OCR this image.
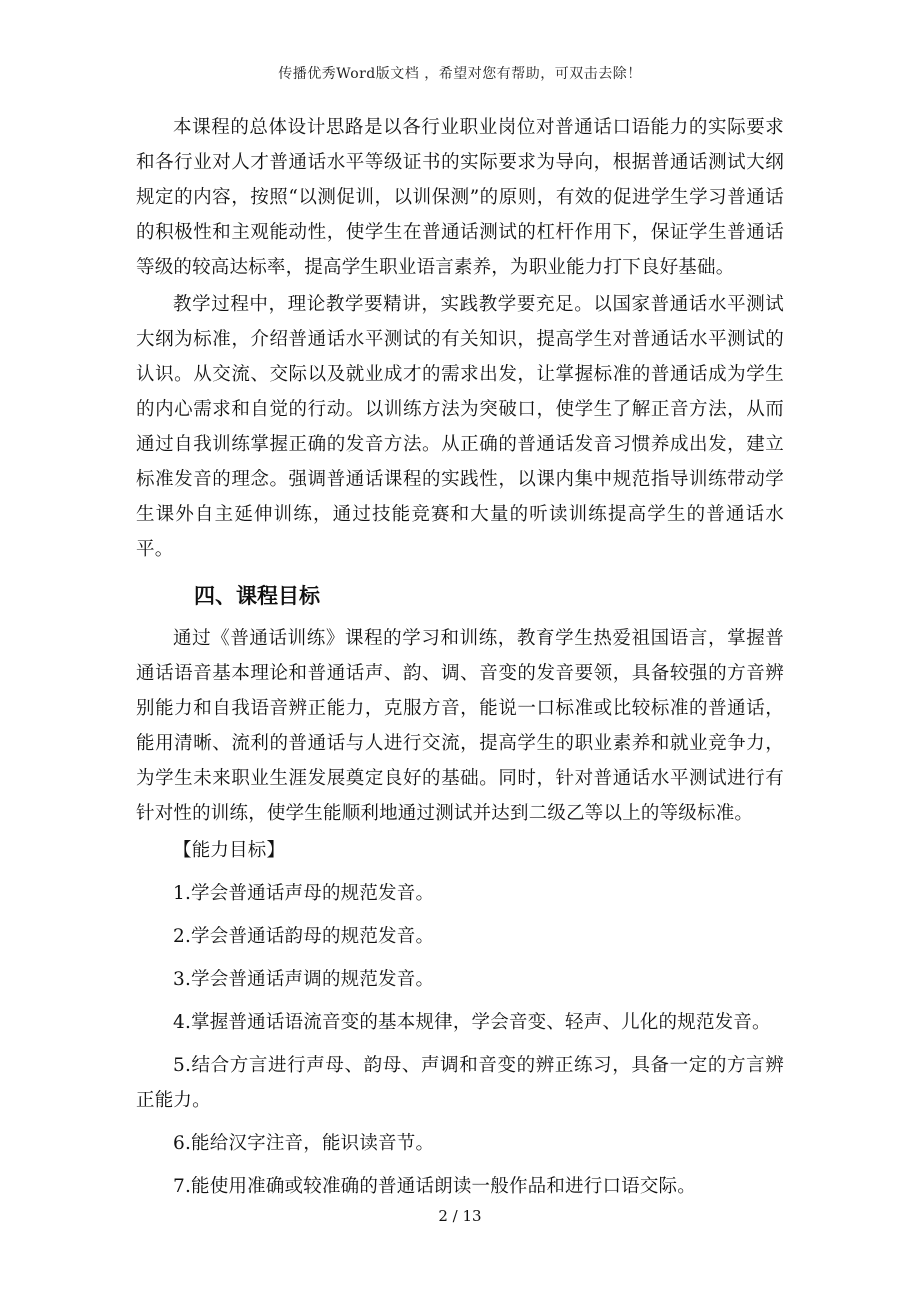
传播优秀Word版文档 ，希望对您有帮助，可双击去除！

本课程的总体设计思路是以各行业职业岗位对普通话口语能力的实际要求和各行业对人才普通话水平等级证书的实际要求为导向，根据普通话测试大纲规定的内容，按照“以测促训，以训保测”的原则，有效的促进学生学习普通话的积极性和主观能动性，使学生在普通话测试的杠杆作用下，保证学生普通话等级的较高达标率，提高学生职业语言素养，为职业能力打下良好基础。

教学过程中，理论教学要精讲，实践教学要充足。以国家普通话水平测试大纲为标准，介绍普通话水平测试的有关知识，提高学生对普通话水平测试的认识。从交流、交际以及就业成才的需求出发，让掌握标准的普通话成为学生的内心需求和自觉的行动。以训练方法为突破口，使学生了解正音方法，从而通过自我训练掌握正确的发音方法。从正确的普通话发音习惯养成出发，建立标准发音的理念。强调普通话课程的实践性，以课内集中规范指导训练带动学生课外自主延伸训练，通过技能竞赛和大量的听读训练提高学生的普通话水平。

四、课程目标

通过《普通话训练》课程的学习和训练，教育学生热爱祖国语言，掌握普通话语音基本理论和普通话声、韵、调、音变的发音要领，具备较强的方音辨别能力和自我语音辨正能力，克服方音，能说一口标准或比较标准的普通话，能用清晰、流利的普通话与人进行交流，提高学生的职业素养和就业竞争力，为学生未来职业生涯发展奠定良好的基础。同时，针对普通话水平测试进行有针对性的训练，使学生能顺利地通过测试并达到二级乙等以上的等级标准。

【能力目标】

1.学会普通话声母的规范发音。

2.学会普通话韵母的规范发音。

3.学会普通话声调的规范发音。

4.掌握普通话语流音变的基本规律，学会音变、轻声、儿化的规范发音。

5.结合方言进行声母、韵母、声调和音变的辨正练习，具备一定的方言辨正能力。

6.能给汉字注音，能识读音节。

7.能使用准确或较准确的普通话朗读一般作品和进行口语交际。

2 / 13
